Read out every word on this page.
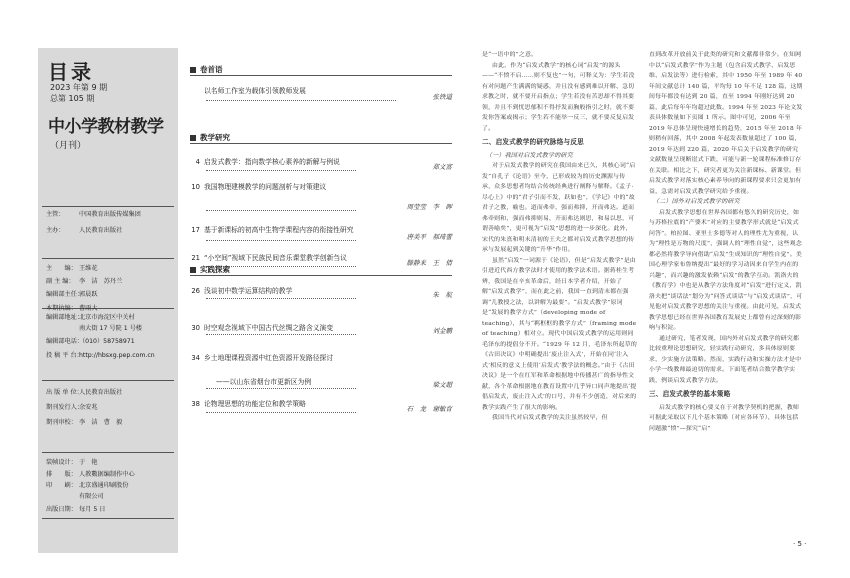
目录
2023 年第 9 期
总第 105 期
中小学教材教学
（月刊）
主管： 中国教育出版传媒集团
主办： 人民教育出版社
主　　编： 王维花
副 主 编： 李　洁　苏丹兰
编辑部主任：郭晨跃
本期执编： 曹雨大
编辑部地址：北京市海淀区中关村
南大街 17 号院 1 号楼
编辑部电话：（010）58758971
投 稿 平 台：http://hbsxg.pep.com.cn
出 版 单 位：人民教育出版社
期刊发行人：余安兆
期刊审校： 李　洁　曹　毅
装帧设计： 于　艳
排　　版： 人教數据编制作中心
印　　刷： 北京盛通印刷股份
有限公司
出版日期： 每月 5 日
卷首语
以名师工作室为载体引领教师发展
张铁道
教学研究
4 启发式教学：指向数学核心素养的新解与例说
郑文富
10 我国物理建模教学的问题剖析与对策建议
周莹莹　李　晖
17 基于新课标的初高中生物学课程内容的衔接性研究
唐美平　郝琦蕾
21 “小空间”视域下民族民间音乐课堂教学创新刍议
滕静来　王　倩
实践探索
26 浅谈初中数学运算结构的教学	朱　航
30 时空观念视域下中国古代丝绸之路含义演变	刘金鹏
34 乡土地理课程资源中红色资源开发路径探讨
——以山东省烟台市更新区为例	梁文超
38 论物理思想的功能定位和教学策略
石　龙　谢敏育

是“一语中的”之意。

由此，作为“启发式教学”的核心词“启发”的源头——“不愤不启……则不复也”一句，可释义为：学生若没有对问题产生满满的疑惑，并且没有感到难以开解、急切求教之时，就不要开启指点；学生若没有苦思却不得其要领，并且不到忧思郁积不得抒发而胸般指引之时，就不要发你答案或揭示；学生若不能举一反三，就不要反复启发了。

二、启发式教学的研究脉络与反思

（一）我国对启发式教学的研究

对于启发式教学的研究在我国由来已久，其核心词“启发”自孔子《论语》至今，已形成较为的历史渊源与传承，众多思想者均结合传统经典进行阐释与解释。《孟子·尽心上》中的“君子引而不发，跃如也”，《学记》中的“故君子之教，喻也。道而弗牵，强而弗抑，开而弗达。道而弗牵则和，强而弗抑则易，开而弗达则思，和易以思，可谓善喻矣”，更可视为“启发”思想的进一步深化。此外，宋代的朱熹和明末清初的王夫之都对启发式教学思想的传承与发展起到关键的“升华”作用。

虽然“启发”一词源于《论语》，但是“启发式教学”是由引进近代西方教学法时才使用的教学法术语。据蒋桂生考辨，我国是在辛亥革命后，经日本学者介绍，开始了解“启发式教学”，而在此之前，我国一直到清末都在强调“儿教授之法，以讲解为最要”。“启发式教学”原词是“发展的教学方式”（developing mode of teaching），其与“羁框框的教学方式”（framing mode of teaching）相对立。现代中国启发式教学的运用则同毛泽东的提倡分不开。“1929 年 12 月，毛泽东所起草的《古田决议》中明确提出‘废止注入式’，开始在同‘注入式’相反的意义上使用‘启发式’教学法的概念。”由于《古田决议》是一个在红军和革命根据地中传播甚广的指导性文献，各个革命根据地在教育设置中几乎异口同声地提出‘提倡启发式，废止注入式’的口号，并有不少创造，对后来的教学实践产生了很大的影响。

我国当代对启发式教学的关注虽然较早，但

直到改革开放前关于此类的研究和文献都非常少。在知网中以“启发式教学”作为主题（包含启发式教学、启发思维、启发法等）进行检索，其中 1950 年至 1989 年 40 年间文献总计 140 篇，平均每 10 年不足 128 篇，这期间每年都没有达到 20 篇，直至 1994 年刚好达到 20 篇，此后每年年均超过此数。1994 年至 2023 年论文发表具体数量如下页图 1 所示。图中可见，2006 年至 2019 年总体呈现快速增长的趋势，2015 年至 2018 年则稍有回落，其中 2008 年起发表数量超过了 100 篇，2019 年达到 220 篇，2020 年后关于启发教学的研究文献数量呈现断崖式下跌，可能与新一轮课程标准修订存在关联。相比之下，研究者更为关注新课标、新课堂。但启发式教学对落实核心素养导向的新课程要求只会更加有益，急需对启发式教学研究给予重视。

（二）国外对启发式教学的研究

启发式教学思想在世界各国都有悠久的研究历史，如与苏格拉底的“产婆术”对应的主要教学形式就是“启发式问答”。柏拉图、亚里士多德等对人的理性尤为重视，认为“理性是万物的尺度”，强调人的“理性自觉”，这些观念都必然将教学导向借助“启发”生成知识的“理性自觉”。美国心理学家布鲁纳提出“最好的学习动因来自学生内在的兴趣”，而兴趣的激发依赖“启发”的教学互动。凯洛夫的《教育学》中也是从教学方法角度对“启发”进行定义，凯洛夫把“谈话法”划分为“问答式谈话”与“启发式谈话”，可见他对启发式教学思想的关注与重视。由此可见，启发式教学思想已经在世界各国教育发展史上都曾有过深刻的影响与积淀。

通过研究，笔者发现，国内外对启发式教学的研究都比较重理论思想研究，轻实践行动研究，多具体原则要求，少实施方法策略。然而，实践行动和实操方法才是中小学一线教师最迫切的需求。下面笔者结合数学教学实践，例谈启发式教学方法。

三、启发式教学的基本策略

启发式教学的核心要义在于对教学契机的把握，教师可据此采取以下几个基本策略（对应各环节），具体包括问题激“愤”—探究“启”

· 5 ·
